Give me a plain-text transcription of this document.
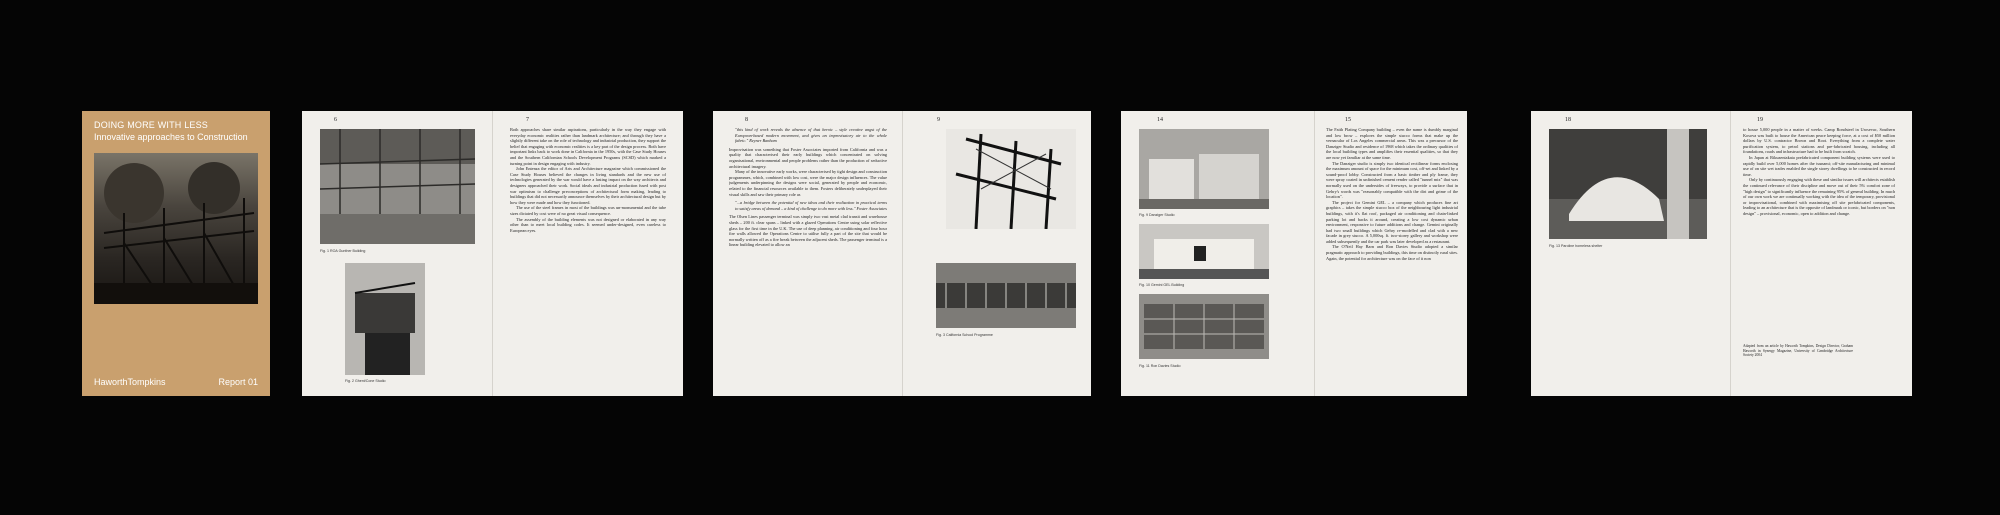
DOING MORE WITH LESS
Innovative approaches to Construction
HaworthTompkins	Report 01
6	7
Fig. 1 ROA Gunther Building
Fig. 2 Ghent/Cone Studio

Both approaches share similar aspirations, particularly in the way they engage with everyday economic realities rather than landmark architecture; and through they have a slightly different take on the role of technology and industrial production, they support the belief that engaging with economic realities is a key part of the design process. Both have important links back to work done in California in the 1950s, with the Case Study Houses and the Southern Californian Schools Development Programs (SCSD) which marked a turning point in design engaging with industry.

John Entenza the editor of Arts and Architecture magazine which commissioned the Case Study Houses believed the changes in living standards and the new use of technologies generated by the war would have a lasting impact on the way architects and designers approached their work. Social ideals and industrial production fused with post war optimism to challenge preconceptions of architectural form making, leading to buildings that did not necessarily announce themselves by their architectural design but by how they were made and how they functioned.

The use of the steel frames in most of the buildings was un-monumental and the tube sizes dictated by cost were of no great visual consequence.

The assembly of the building elements was not designed or elaborated in any way other than to meet local building codes. It seemed under-designed, even careless to European eyes.

8	9

"this kind of work reveals the absence of that heroic – style creative angst of the European-based modern movement, and gives an improvisatory air to the whole fabric." Reyner Banham

Improvisation was something that Foster Associates imported from California and was a quality that characterised their early buildings which concentrated on solving organisational, environmental and people problems rather than the production of seductive architectural imagery.

Many of the innovative early works, were characterised by tight design and construction programmes, which, combined with low cost, were the major design influences. The value judgements underpinning the designs were social, generated by people and economic, related to the financial resources available to them. Fosters deliberately underplayed their visual skills and saw their primary role as

"...a bridge between the potential of new ideas and their realization in practical terms to satisfy areas of demand – a kind of challenge to do more with less." Foster Associates

The Olsen Lines passenger terminal was simply two vast metal clad transit and warehouse sheds – 200 ft. clear spans – linked with a glazed Operations Centre using solar reflective glass for the first time in the U.K. The use of deep planning, air conditioning and four hour fire walls allowed the Operations Centre to utilise fully a part of the site that would be normally written off as a fire break between the adjacent sheds. The passenger terminal is a linear building elevated to allow an

Fig. 3 California School Programme
14	15
Fig. 9 Danziger Studio
Fig. 10 Gemini GEL Building
Fig. 11 Ron Davies Studio

The Faith Plating Company building – even the name is dumbly marginal and low brow – explores the simple stucco forms that make up the vernacular of Los Angeles commercial areas. This was a precursor of the Danziger Studio and residence of 1968 which takes the ordinary qualities of the local building types and amplifies their essential qualities, so that they are now yet familiar at the same time.

The Danziger studio is simply two identical rectilinear forms enclosing the maximum amount of space for the minimum cost, off-set and linked by a sound-proof lobby. Constructed from a basic timber and ply frame, they were spray coated in unfinished cement render called "tunnel mix" that was normally used on the undersides of freeways, to provide a surface that in Gehry's words was "reasonably compatible with the dirt and grime of the location".

The project for Gemini GEL – a company which produces fine art graphics – takes the simple stucco box of the neighbouring light industrial buildings, with it's flat roof, packaged air conditioning and chain-linked parking lot and backs it around, creating a low cost dynamic urban environment, responsive to future additions and change. Gemini originally had two small buildings which Gehry re-modelled and clad with a new facade in grey stucco. A 5,000sq. ft. two-storey gallery and workshop were added subsequently and the car park was later developed as a restaurant.

The O'Neil Hay Barn and Ron Davies Studio adopted a similar pragmatic approach to providing buildings, this time on distinctly rural sites. Again, the potential for architecture was on the face of it non

18	19
Fig. 13 Paroline homeless shelter

to house 5,000 people in a matter of weeks. Camp Rondsteel in Urosevac, Southern Kosova was built to house the American peace keeping force, at a cost of $50 million dollars by U.S. contractor Brown and Root. Everything from a complete water purification system, to petrol stations and pre-fabricated housing, including all foundations, roads and infrastructure had to be built from scratch.

In Japan at Rikuzentakata prefabricated component building systems were used to rapidly build over 5,000 homes after the tsunami; off-site manufacturing and minimal use of on site wet trades enabled the single storey dwellings to be constructed in record time.

Only by continuously engaging with these and similar issues will architects establish the continued relevance of their discipline and move out of their 5% comfort zone of "high design" to significantly influence the remaining 95% of general building. In much of our own work we are continually working with the idea of the temporary, provisional or improvisational, combined with maximising off site prefabricated components, leading to an architecture that is the opposite of landmark or iconic, but borders on "non design" – provisional, economic, open to addition and change.

Adapted from an article by Haworth Tompkins, Design Director, Graham Haworth in Synergy Magazine, University of Cambridge Architecture Society 2004
